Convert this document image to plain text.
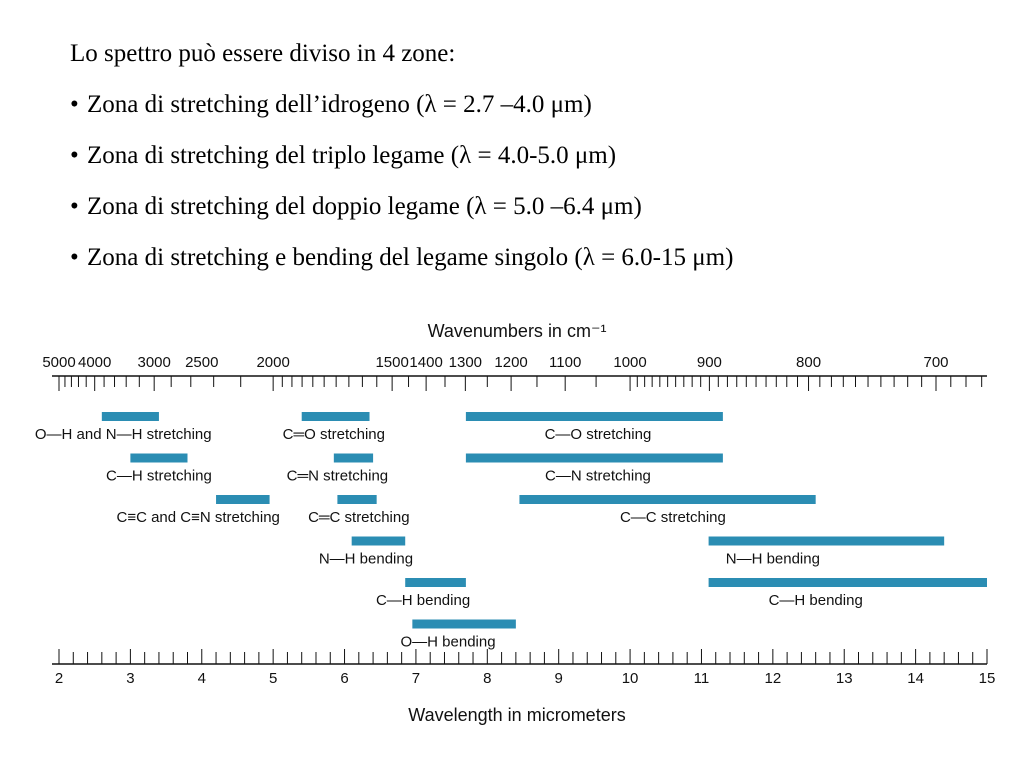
Lo spettro può essere diviso in 4 zone:
• Zona di stretching dell’idrogeno (λ = 2.7 –4.0 μm)
• Zona di stretching del triplo legame (λ = 4.0-5.0 μm)
• Zona di stretching del doppio legame (λ = 5.0 –6.4 μm)
• Zona di stretching e bending del legame singolo (λ = 6.0-15 μm)
Wavenumbers in cm⁻¹
5000 4000 3000 2500	2000	1500 1400 1300 1200 1100 1000	900	800	700
O—H and N—H stretching	C═O stretching	C—O stretching
C—H stretching	C═N stretching	C—N stretching
C≡C and C≡N stretching C═C stretching	C—C stretching
N—H bending	N—H bending
C—H bending	C—H bending
O—H bending
2	3	4	5	6	7	8	9	10	11	12	13	14	15
Wavelength in micrometers
